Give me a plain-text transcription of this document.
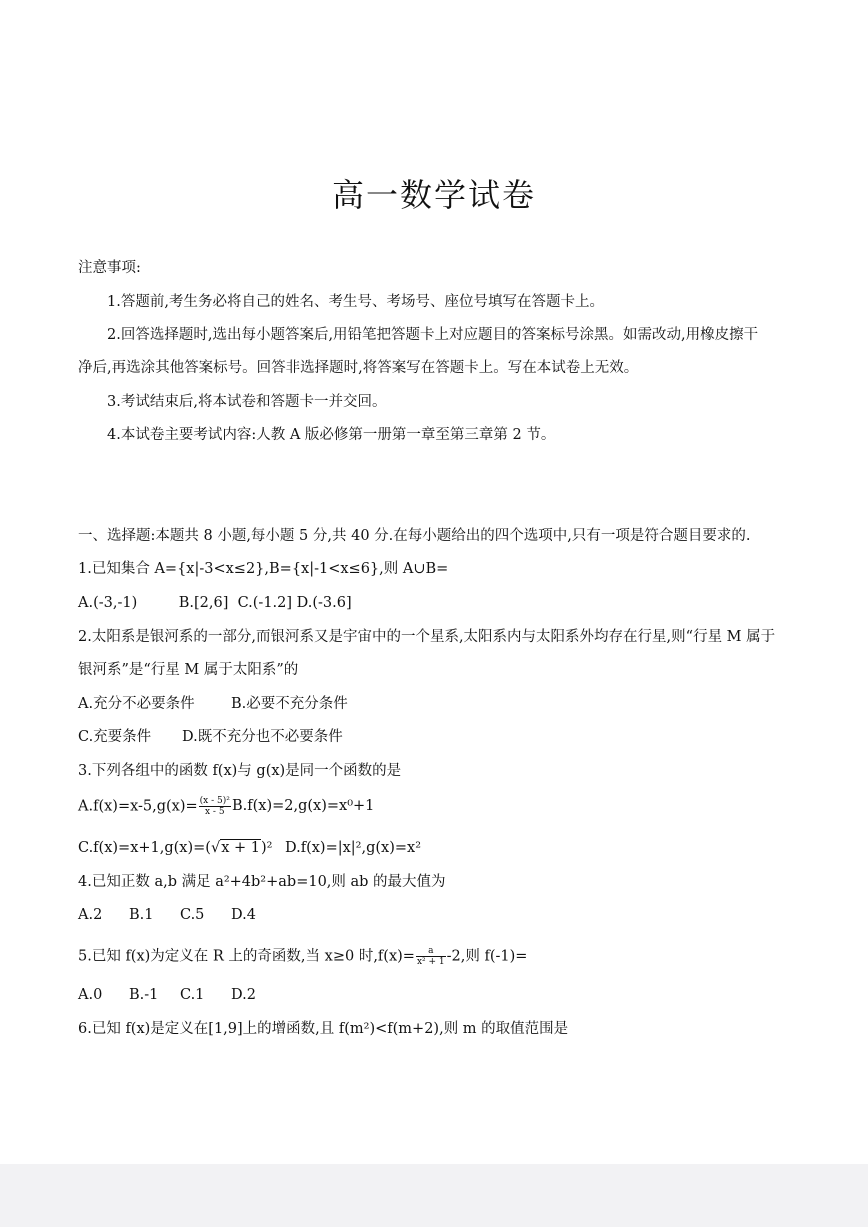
高一数学试卷
注意事项:
1.答题前,考生务必将自己的姓名、考生号、考场号、座位号填写在答题卡上。
2.回答选择题时,选出每小题答案后,用铅笔把答题卡上对应题目的答案标号涂黑。如需改动,用橡皮擦干
净后,再选涂其他答案标号。回答非选择题时,将答案写在答题卡上。写在本试卷上无效。
3.考试结束后,将本试卷和答题卡一并交回。
4.本试卷主要考试内容:人教 A 版必修第一册第一章至第三章第 2 节。
一、选择题:本题共 8 小题,每小题 5 分,共 40 分.在每小题给出的四个选项中,只有一项是符合题目要求的.
1.已知集合 A={x|-3<x≤2},B={x|-1<x≤6},则 A∪B=
A.(-3,-1)         B.[2,6]  C.(-1.2] D.(-3.6]
2.太阳系是银河系的一部分,而银河系又是宇宙中的一个星系,太阳系内与太阳系外均存在行星,则“行星 M 属于
银河系”是“行星 M 属于太阳系”的
A.充分不必要条件	B.必要不充分条件
C.充要条件 D.既不充分也不必要条件
3.下列各组中的函数 f(x)与 g(x)是同一个函数的是
$A.f(x)=x-5,g(x)= \frac{\text{(x - 5)²}}{x - 5} B.f(x)=2,g(x)=x^0+1$
C.f(x)=x+1,g(x)=(√x + 1)² D.f(x)=|x|²,g(x)=x²
4.已知正数 a,b 满足 a²+4b²+ab=10,则 ab 的最大值为
A.2 B.1 C.5 D.4
5.已知 f(x)为定义在 R 上的奇函数,当 x≥0 时$,f(x)= \frac{a}{\text{x² + 1}} -2$,则 f(-1)=
A.0 B.-1 C.1 D.2
6.已知 f(x)是定义在[1,9]上的增函数,且 f(m²)<f(m+2),则 m 的取值范围是
